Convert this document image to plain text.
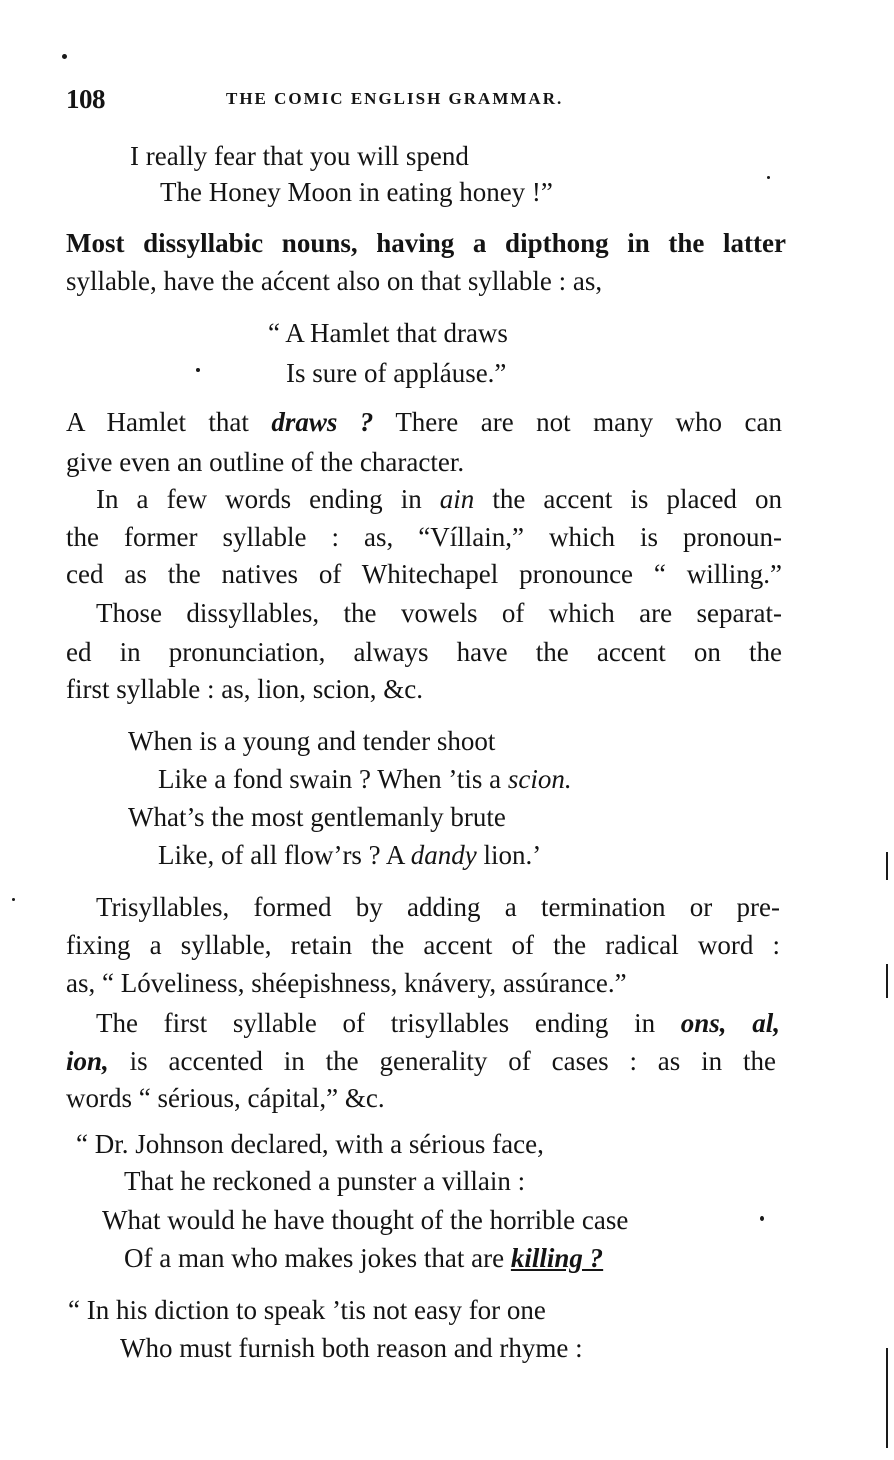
108	THE COMIC ENGLISH GRAMMAR.
I really fear that you will spend
The Honey Moon in eating honey !”
Most dissyllabic nouns, having a dipthong in the latter
syllable, have the aćcent also on that syllable : as,
“ A Hamlet that draws
Is sure of appláuse.”
A Hamlet that draws ? There are not many who can
give even an outline of the character.
In a few words ending in ain the accent is placed on
the former syllable : as, “Víllain,” which is pronoun-
ced as the natives of Whitechapel pronounce “ willing.”
Those dissyllables, the vowels of which are separat-
ed in pronunciation, always have the accent on the
first syllable : as, lion, scion, &c.
When is a young and tender shoot
Like a fond swain ? When ’tis a scion.
What’s the most gentlemanly brute
Like, of all flow’rs ? A dandy lion.’
Trisyllables, formed by adding a termination or pre-
fixing a syllable, retain the accent of the radical word :
as, “ Lóveliness, shéepishness, knávery, assúrance.”
The first syllable of trisyllables ending in ons, al,
ion, is accented in the generality of cases : as in the
words “ sérious, cápital,” &c.
“ Dr. Johnson declared, with a sérious face,
That he reckoned a punster a villain :
What would he have thought of the horrible case
Of a man who makes jokes that are killing ?
“ In his diction to speak ’tis not easy for one
Who must furnish both reason and rhyme :
